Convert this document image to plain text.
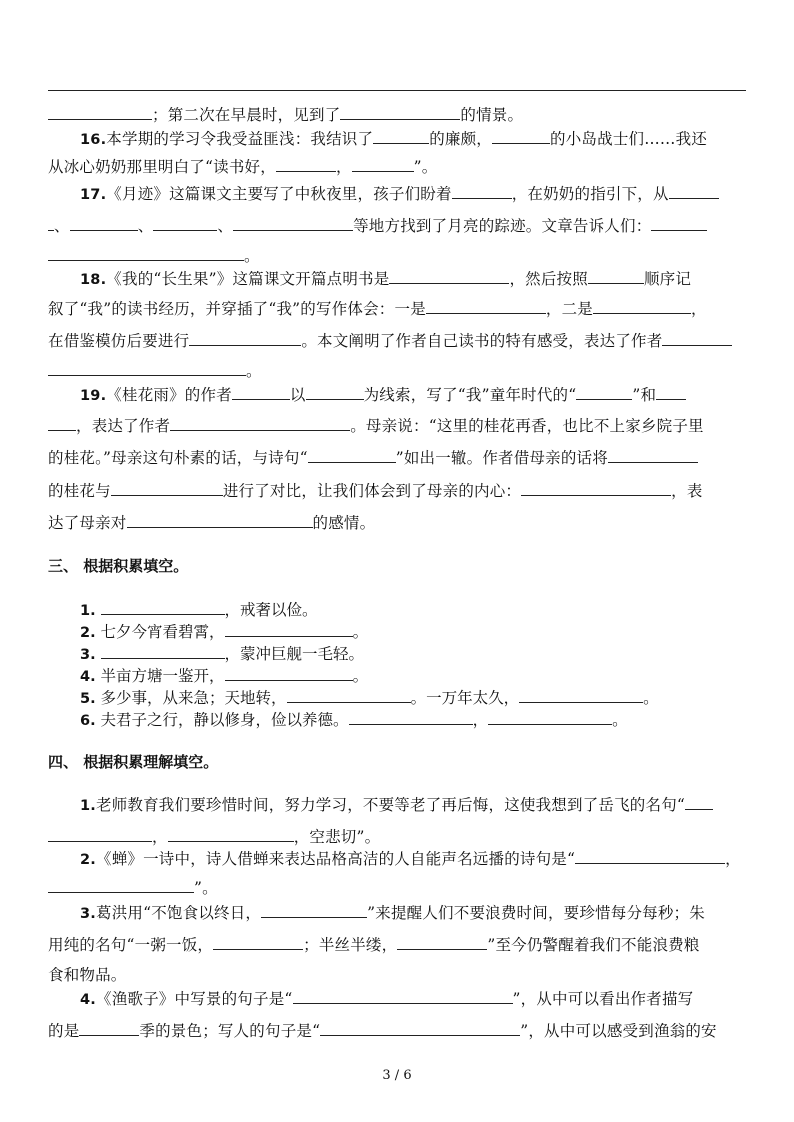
；第二次在早晨时，见到了	的情景。
16.本学期的学习令我受益匪浅：我结识了	的廉颇，	的小岛战士们……我还
从冰心奶奶那里明白了“读书好，	，	”。
17.《月迹》这篇课文主要写了中秋夜里，孩子们盼着	，在奶奶的指引下，从
、	、	、	等地方找到了月亮的踪迹。文章告诉人们：
。
18.《我的“长生果”》这篇课文开篇点明书是	，然后按照	顺序记
叙了“我”的读书经历，并穿插了“我”的写作体会：一是	，二是	，
在借鉴模仿后要进行	。本文阐明了作者自己读书的特有感受，表达了作者
。
19.《桂花雨》的作者	以	为线索，写了“我”童年时代的“	”和
，表达了作者	。母亲说：“这里的桂花再香，也比不上家乡院子里
的桂花。”母亲这句朴素的话，与诗句“	”如出一辙。作者借母亲的话将
的桂花与	进行了对比，让我们体会到了母亲的内心：	，表
达了母亲对	的感情。
三、 根据积累填空。
1.	，戒奢以俭。
2. 七夕今宵看碧霄，	。
3.	，蒙冲巨舰一毛轻。
4. 半亩方塘一鉴开，	。
5. 多少事，从来急；天地转，	。一万年太久，	。
6. 夫君子之行，静以修身，俭以养德。	，	。
四、 根据积累理解填空。
1.老师教育我们要珍惜时间，努力学习，不要等老了再后悔，这使我想到了岳飞的名句“
，	，空悲切”。
2.《蝉》一诗中，诗人借蝉来表达品格高洁的人自能声名远播的诗句是“	，
”。
3.葛洪用“不饱食以终日，	”来提醒人们不要浪费时间，要珍惜每分每秒；朱
用纯的名句“一粥一饭，	；半丝半缕，	”至今仍警醒着我们不能浪费粮
食和物品。
4.《渔歌子》中写景的句子是“	”，从中可以看出作者描写
的是	季的景色；写人的句子是“	”，从中可以感受到渔翁的安
3 / 6
